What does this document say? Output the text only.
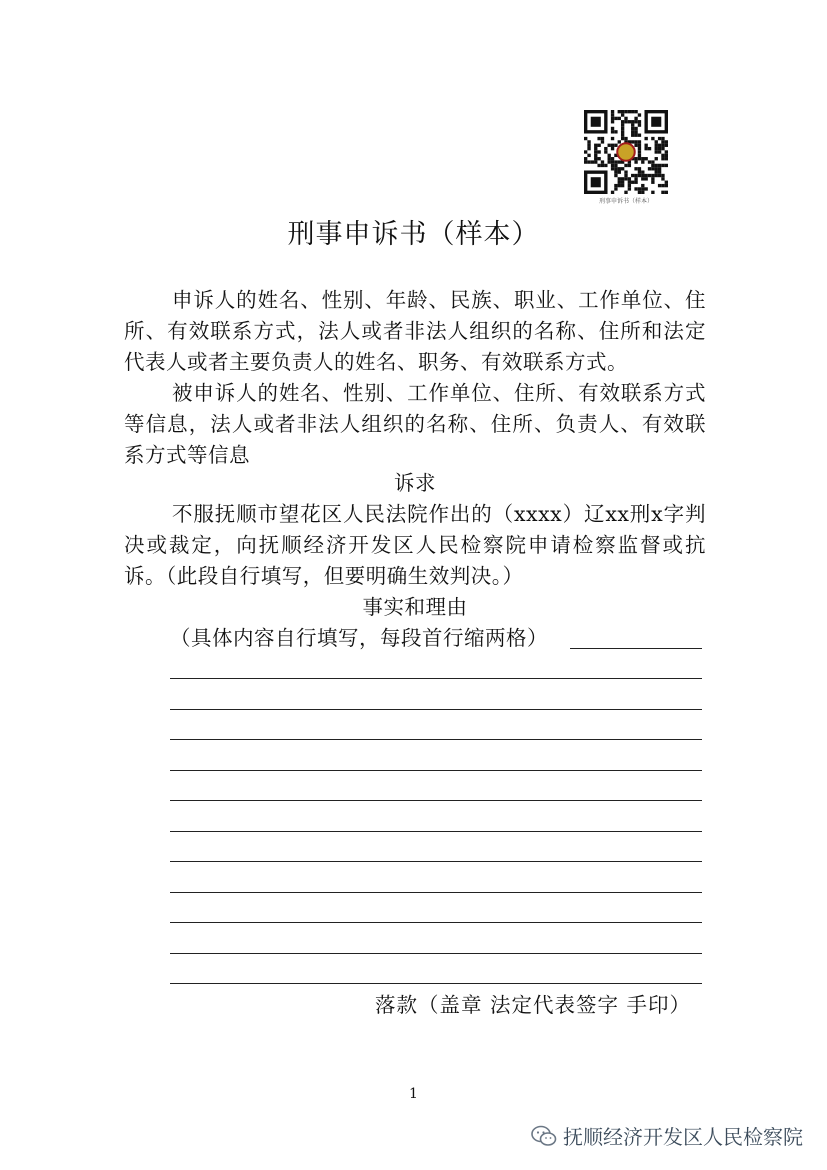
刑事申诉书（样本）
刑事申诉书（样本）

申诉人的姓名、性别、年龄、民族、职业、工作单位、住所、有效联系方式，法人或者非法人组织的名称、住所和法定代表人或者主要负责人的姓名、职务、有效联系方式。

被申诉人的姓名、性别、工作单位、住所、有效联系方式等信息，法人或者非法人组织的名称、住所、负责人、有效联系方式等信息

诉求

不服抚顺市望花区人民法院作出的（xxxx）辽xx刑x字判决或裁定，向抚顺经济开发区人民检察院申请检察监督或抗诉。（此段自行填写，但要明确生效判决。）

事实和理由
（具体内容自行填写，每段首行缩两格）
落款（盖章 法定代表签字 手印）
1
抚顺经济开发区人民检察院
